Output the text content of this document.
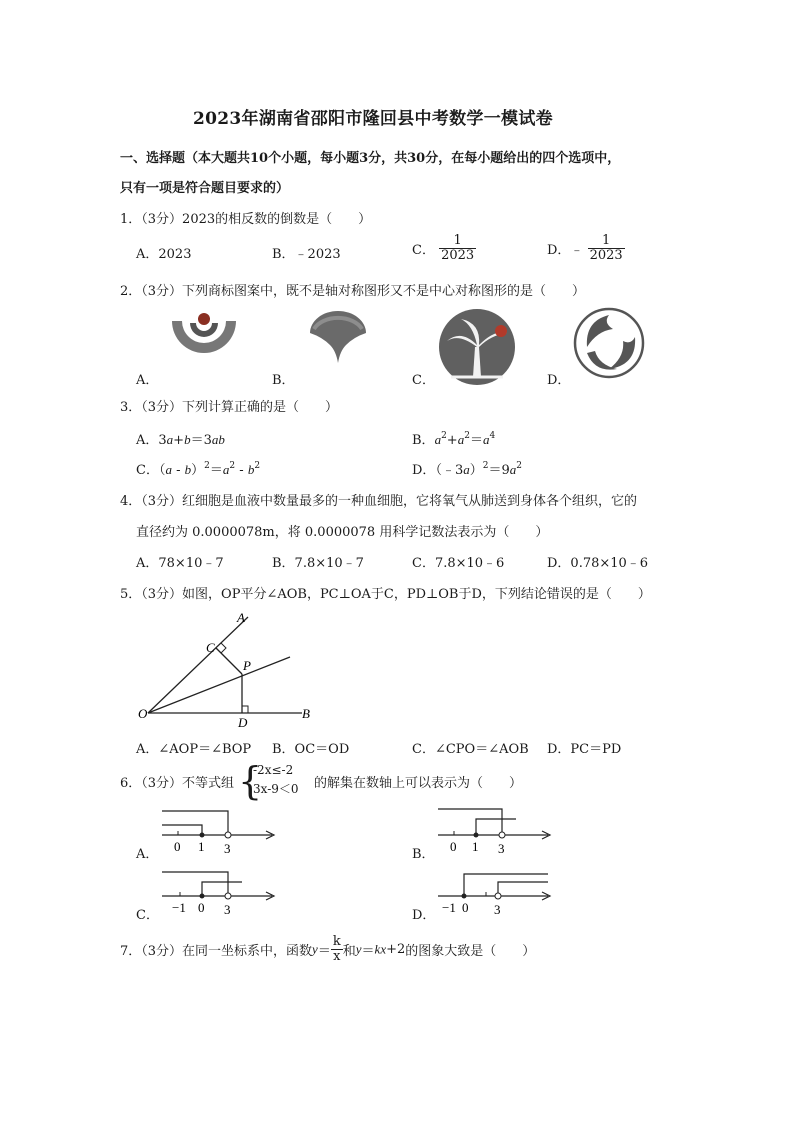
2023年湖南省邵阳市隆回县中考数学一模试卷
一、选择题（本大题共10个小题，每小题3分，共30分，在每小题给出的四个选项中，
只有一项是符合题目要求的）
1．（3分）2023的相反数的倒数是（　　）
A．2023	B．﹣2023	C． $\frac{1}{2023}$	D．﹣ $\frac{1}{2023}$
2．（3分）下列商标图案中，既不是轴对称图形又不是中心对称图形的是（　　）
A．	B．	C．	D．
3．（3分）下列计算正确的是（　　）
A．3a+b＝3ab	B．$a^2+a^2=a^4$
C．$(a - b)^2=a^2 - b^2$	D．$(﹣3a)^2=9a^2$
4．（3分）红细胞是血液中数量最多的一种血细胞，它将氧气从肺送到身体各个组织，它的
直径约为 0.0000078m，将 0.0000078 用科学记数法表示为（　　）
A．78×10﹣7	B．7.8×10﹣7	C．7.8×10﹣6	D．0.78×10﹣6
5．（3分）如图，OP平分∠AOB，PC⊥OA于C，PD⊥OB于D，下列结论错误的是（　　）
A
C
P
O
D
B
A．∠AOP＝∠BOP B．OC＝OD	C．∠CPO＝∠AOB D．PC＝PD
6．（3分）不等式组 {
-2x≤-2
3x-9＜0 的解集在数轴上可以表示为（　　）
A．
0 1 3	B．
0 1 3
C．
−1 0 3	D．
−1 0 3
7．（3分）在同一坐标系中，函数$y= \frac{k}{x}$ 和y＝kx+2的图象大致是（　　）
